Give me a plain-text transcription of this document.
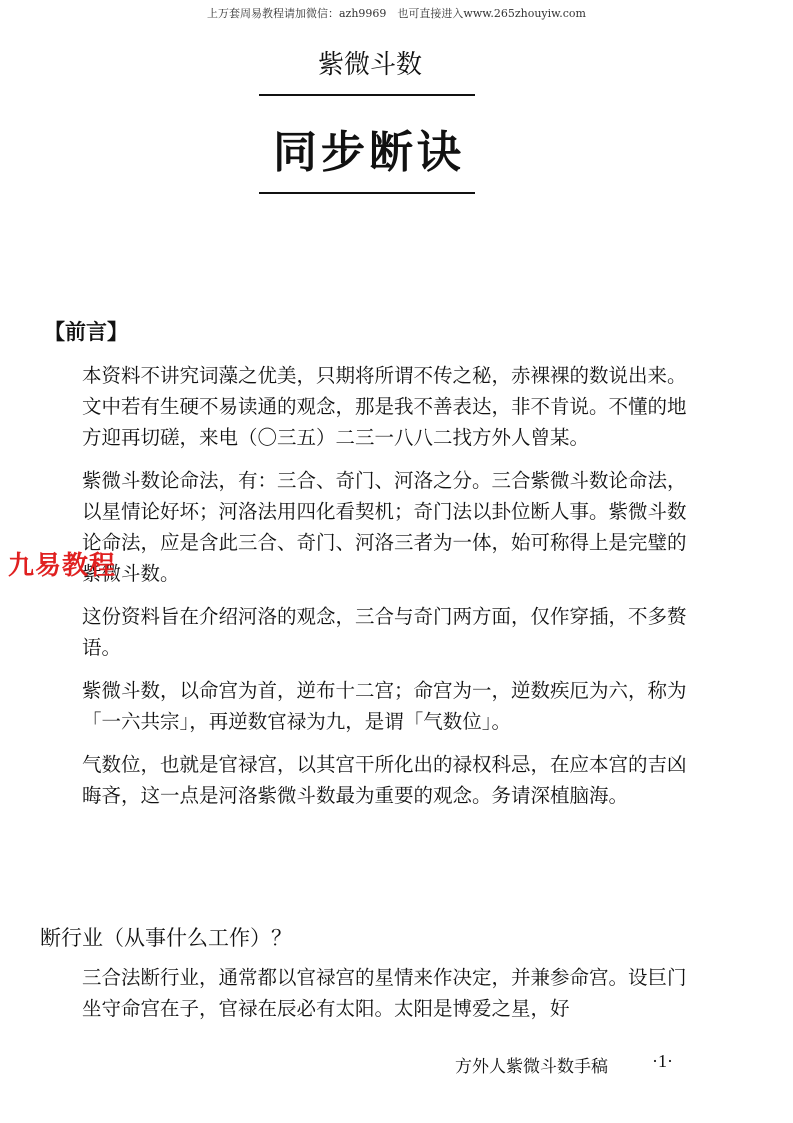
上万套周易教程请加微信：azh9969　也可直接进入www.265zhouyiw.com
紫微斗数
同步断诀
【前言】

本资料不讲究词藻之优美，只期将所谓不传之秘，赤裸裸的数说出来。文中若有生硬不易读通的观念，那是我不善表达，非不肯说。不懂的地方迎再切磋，来电（〇三五）二三一八八二找方外人曾某。

紫微斗数论命法，有：三合、奇门、河洛之分。三合紫微斗数论命法，以星情论好坏；河洛法用四化看契机；奇门法以卦位断人事。紫微斗数论命法，应是含此三合、奇门、河洛三者为一体，始可称得上是完璧的紫微斗数。

这份资料旨在介绍河洛的观念，三合与奇门两方面，仅作穿插，不多赘语。

紫微斗数，以命宫为首，逆布十二宫；命宫为一，逆数疾厄为六，称为「一六共宗」，再逆数官禄为九，是谓「气数位」。

气数位，也就是官禄宫，以其宫干所化出的禄权科忌，在应本宫的吉凶晦吝，这一点是河洛紫微斗数最为重要的观念。务请深植脑海。

九易教程
断行业（从事什么工作）？

三合法断行业，通常都以官禄宫的星情来作决定，并兼参命宫。设巨门坐守命宫在子，官禄在辰必有太阳。太阳是博爱之星，好

方外人紫微斗数手稿 ·1·
